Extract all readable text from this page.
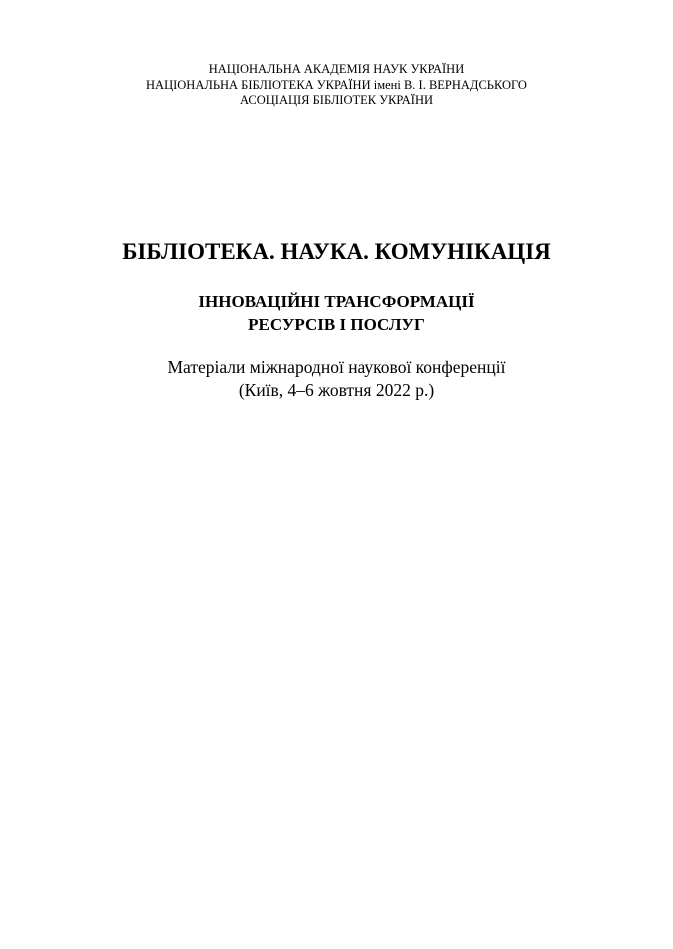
НАЦІОНАЛЬНА АКАДЕМІЯ НАУК УКРАЇНИ
НАЦІОНАЛЬНА БІБЛІОТЕКА УКРАЇНИ імені В. І. ВЕРНАДСЬКОГО
АСОЦІАЦІЯ БІБЛІОТЕК УКРАЇНИ
БІБЛІОТЕКА. НАУКА. КОМУНІКАЦІЯ
ІННОВАЦІЙНІ ТРАНСФОРМАЦІЇ
РЕСУРСІВ І ПОСЛУГ
Матеріали міжнародної наукової конференції
(Київ, 4–6 жовтня 2022 р.)
